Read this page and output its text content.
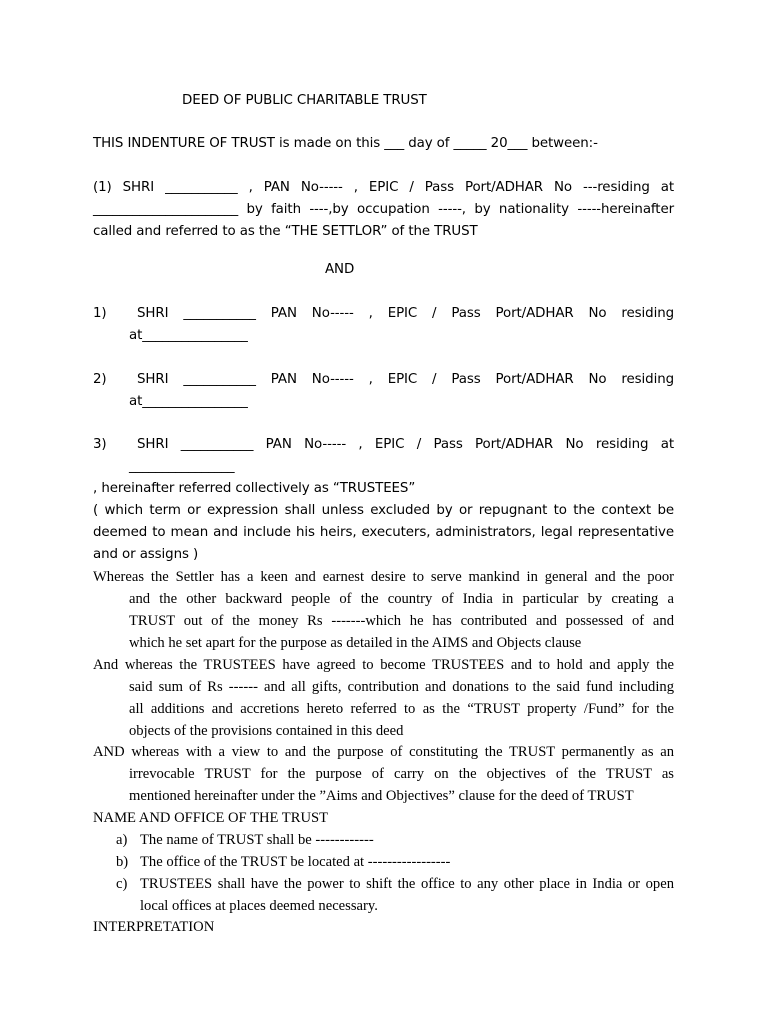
DEED OF PUBLIC CHARITABLE TRUST
THIS INDENTURE OF TRUST is made on this ___ day of _____ 20___ between:-
(1) SHRI ___________ , PAN No----- , EPIC / Pass Port/ADHAR No ---residing at
______________________ by faith ----,by occupation -----, by nationality -----hereinafter
called and referred to as the “THE SETTLOR” of the TRUST
AND
1) SHRI ___________ PAN No----- , EPIC / Pass Port/ADHAR No residing
at________________
2) SHRI ___________ PAN No----- , EPIC / Pass Port/ADHAR No residing
at________________
3) SHRI ___________ PAN No----- , EPIC / Pass Port/ADHAR No residing at
________________
, hereinafter referred collectively as “TRUSTEES”
( which term or expression shall unless excluded by or repugnant to the context be
deemed to mean and include his heirs, executers, administrators, legal representative
and or assigns )
Whereas the Settler has a keen and earnest desire to serve mankind in general and the poor
and the other backward people of the country of India in particular by creating a
TRUST out of the money Rs -------which he has contributed and possessed of and
which he set apart for the purpose as detailed in the AIMS and Objects clause
And whereas the TRUSTEES have agreed to become TRUSTEES and to hold and apply the
said sum of Rs ------ and all gifts, contribution and donations to the said fund including
all additions and accretions hereto referred to as the “TRUST property /Fund” for the
objects of the provisions contained in this deed
AND whereas with a view to and the purpose of constituting the TRUST permanently as an
irrevocable TRUST for the purpose of carry on the objectives of the TRUST as
mentioned hereinafter under the ”Aims and Objectives” clause for the deed of TRUST
NAME AND OFFICE OF THE TRUST
a) The name of TRUST shall be ------------
b) The office of the TRUST be located at -----------------
c) TRUSTEES shall have the power to shift the office to any other place in India or open
local offices at places deemed necessary.
INTERPRETATION
